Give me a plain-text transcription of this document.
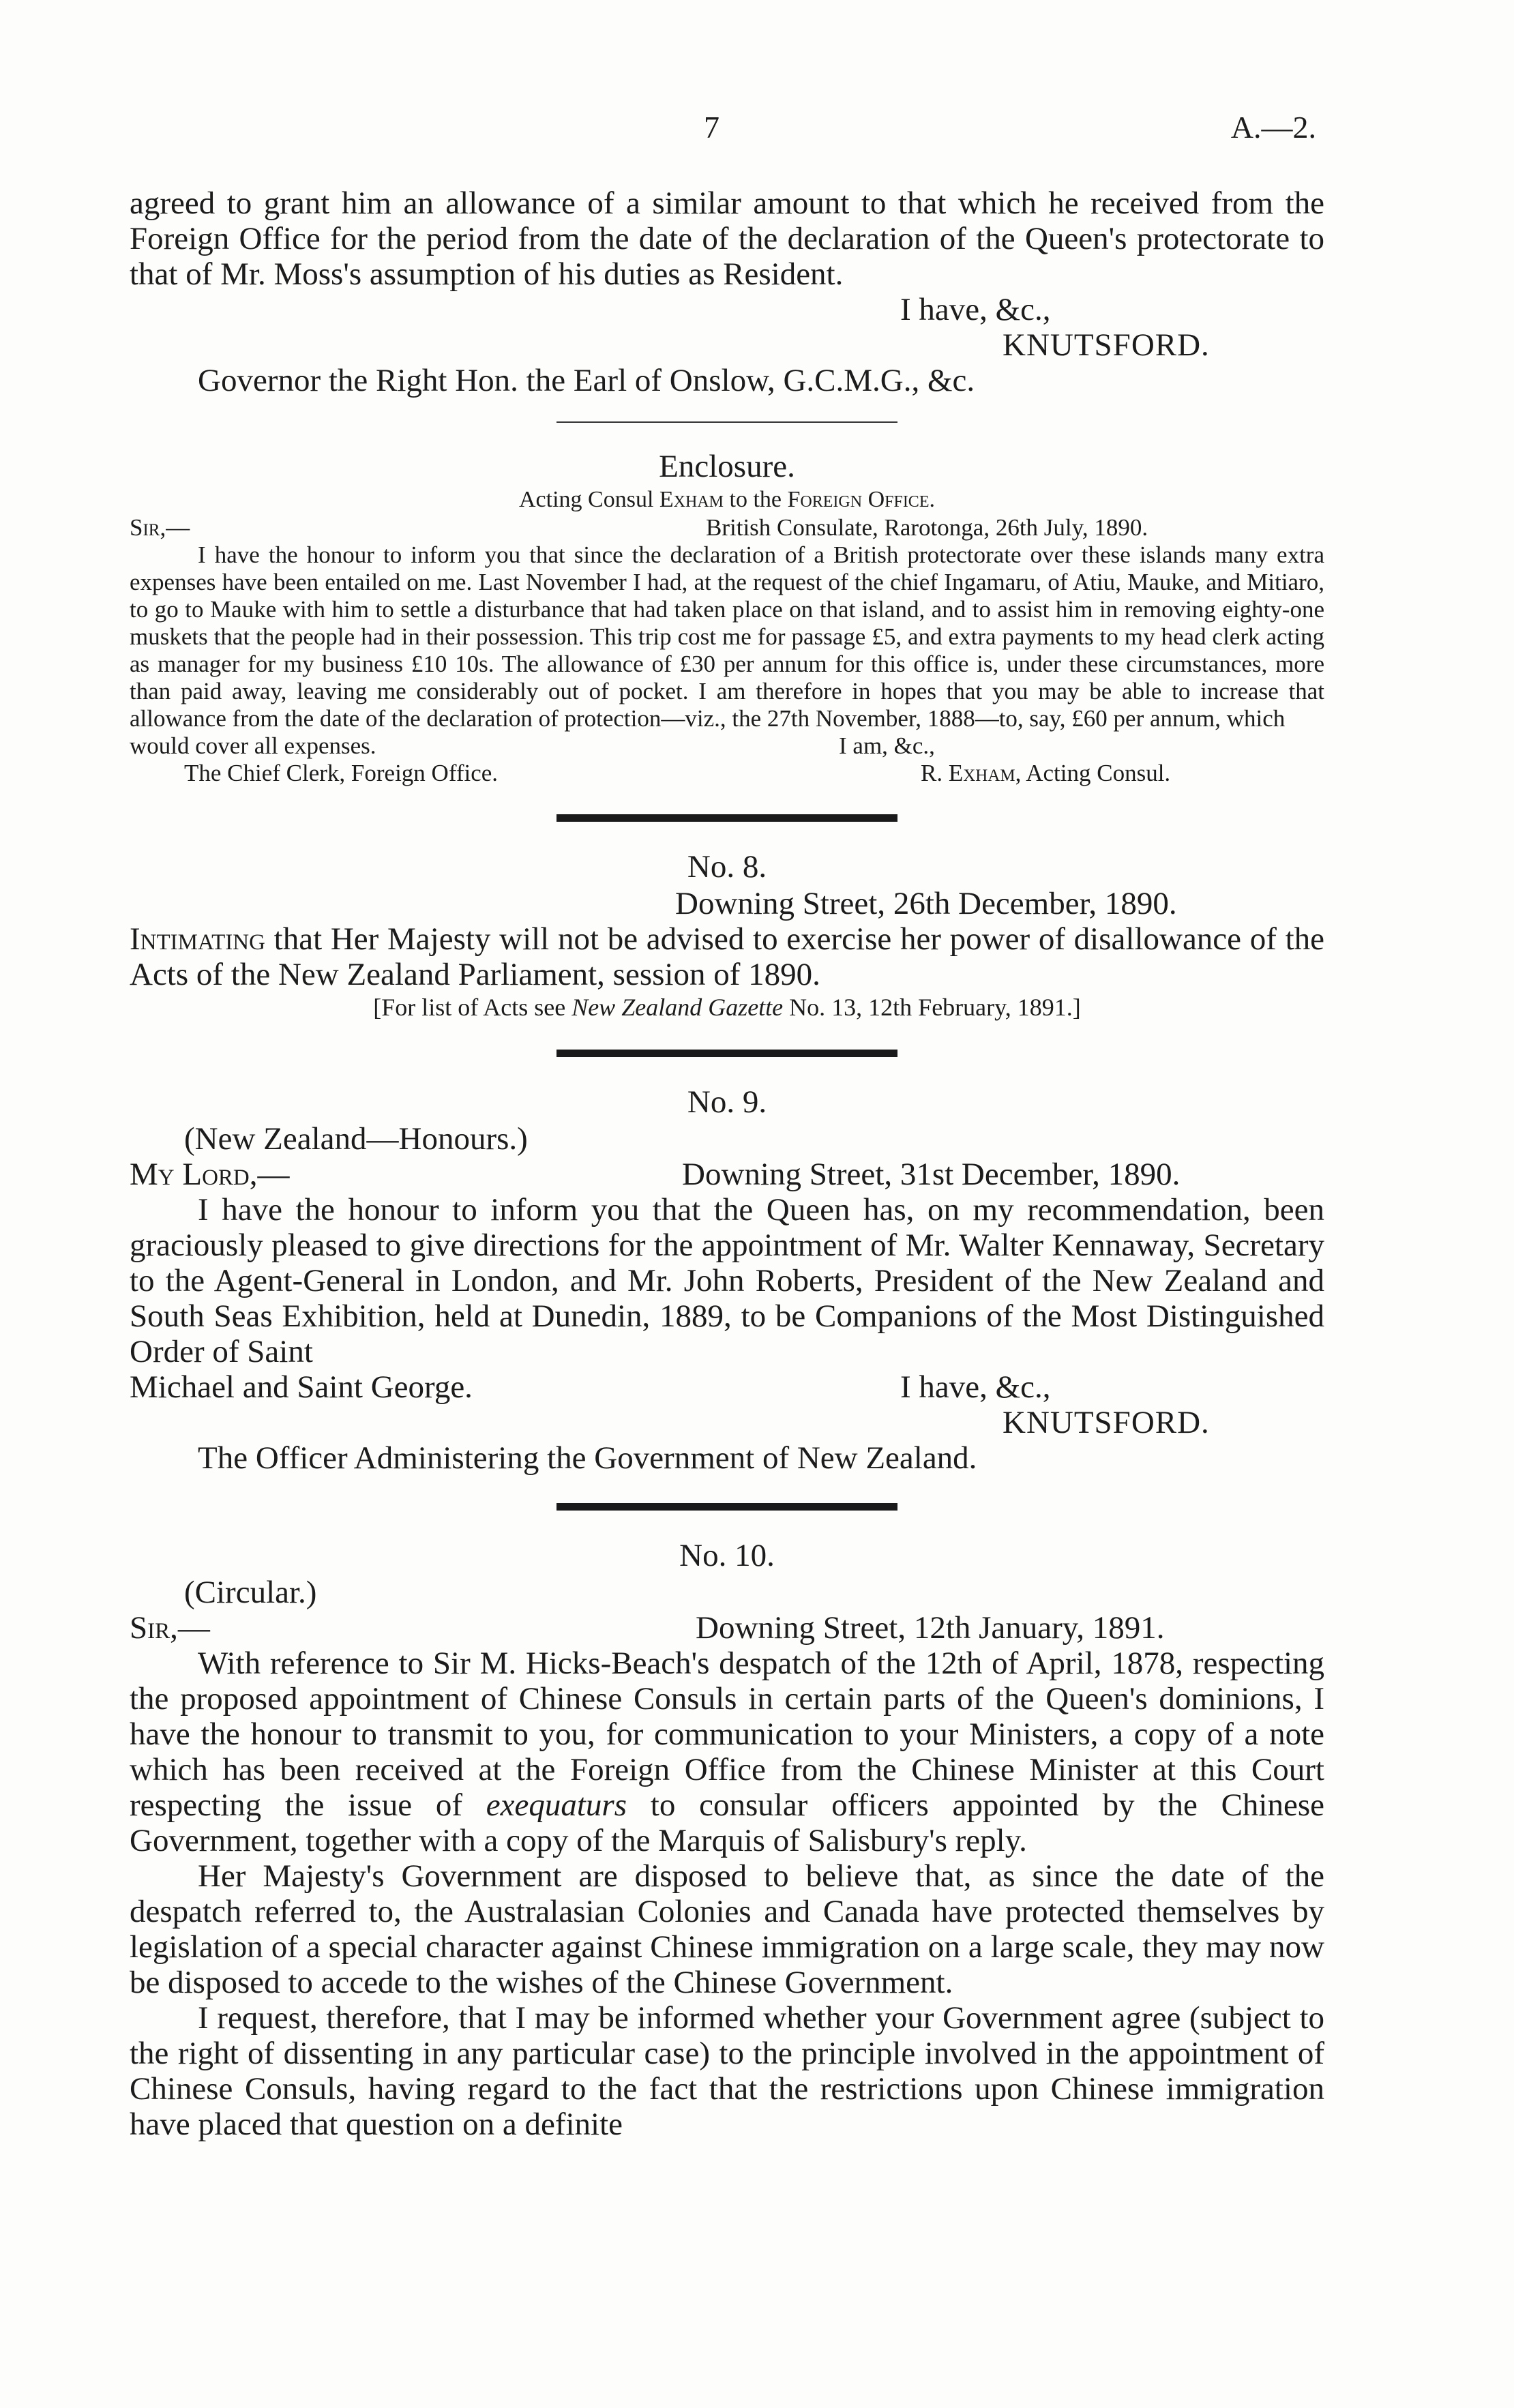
7	A.—2.

agreed to grant him an allowance of a similar amount to that which he received from the Foreign Office for the period from the date of the declaration of the Queen's protectorate to that of Mr. Moss's assumption of his duties as Resident.

I have, &c.,
KNUTSFORD.
Governor the Right Hon. the Earl of Onslow, G.C.M.G., &c.
Enclosure.
Acting Consul Exham to the Foreign Office.
Sir,—	British Consulate, Rarotonga, 26th July, 1890.

I have the honour to inform you that since the declaration of a British protectorate over these islands many extra expenses have been entailed on me. Last November I had, at the request of the chief Ingamaru, of Atiu, Mauke, and Mitiaro, to go to Mauke with him to settle a disturbance that had taken place on that island, and to assist him in removing eighty-one muskets that the people had in their possession. This trip cost me for passage £5, and extra payments to my head clerk acting as manager for my business £10 10s. The allowance of £30 per annum for this office is, under these circumstances, more than paid away, leaving me considerably out of pocket. I am therefore in hopes that you may be able to increase that allowance from the date of the declaration of protection—viz., the 27th November, 1888—to, say, £60 per annum, which

would cover all expenses.	I am, &c.,
The Chief Clerk, Foreign Office.	R. Exham, Acting Consul.
No. 8.
Downing Street, 26th December, 1890.

Intimating that Her Majesty will not be advised to exercise her power of disallowance of the Acts of the New Zealand Parliament, session of 1890.

[For list of Acts see New Zealand Gazette No. 13, 12th February, 1891.]
No. 9.
(New Zealand—Honours.)
My Lord,—	Downing Street, 31st December, 1890.

I have the honour to inform you that the Queen has, on my recommendation, been graciously pleased to give directions for the appointment of Mr. Walter Kennaway, Secretary to the Agent-General in London, and Mr. John Roberts, President of the New Zealand and South Seas Exhibition, held at Dunedin, 1889, to be Companions of the Most Distinguished Order of Saint

Michael and Saint George.	I have, &c.,
KNUTSFORD.
The Officer Administering the Government of New Zealand.
No. 10.
(Circular.)
Sir,—	Downing Street, 12th January, 1891.

With reference to Sir M. Hicks-Beach's despatch of the 12th of April, 1878, respecting the proposed appointment of Chinese Consuls in certain parts of the Queen's dominions, I have the honour to transmit to you, for communication to your Ministers, a copy of a note which has been received at the Foreign Office from the Chinese Minister at this Court respecting the issue of exequaturs to consular officers appointed by the Chinese Government, together with a copy of the Marquis of Salisbury's reply.

Her Majesty's Government are disposed to believe that, as since the date of the despatch referred to, the Australasian Colonies and Canada have protected themselves by legislation of a special character against Chinese immigration on a large scale, they may now be disposed to accede to the wishes of the Chinese Government.

I request, therefore, that I may be informed whether your Government agree (subject to the right of dissenting in any particular case) to the principle involved in the appointment of Chinese Consuls, having regard to the fact that the restrictions upon Chinese immigration have placed that question on a definite
